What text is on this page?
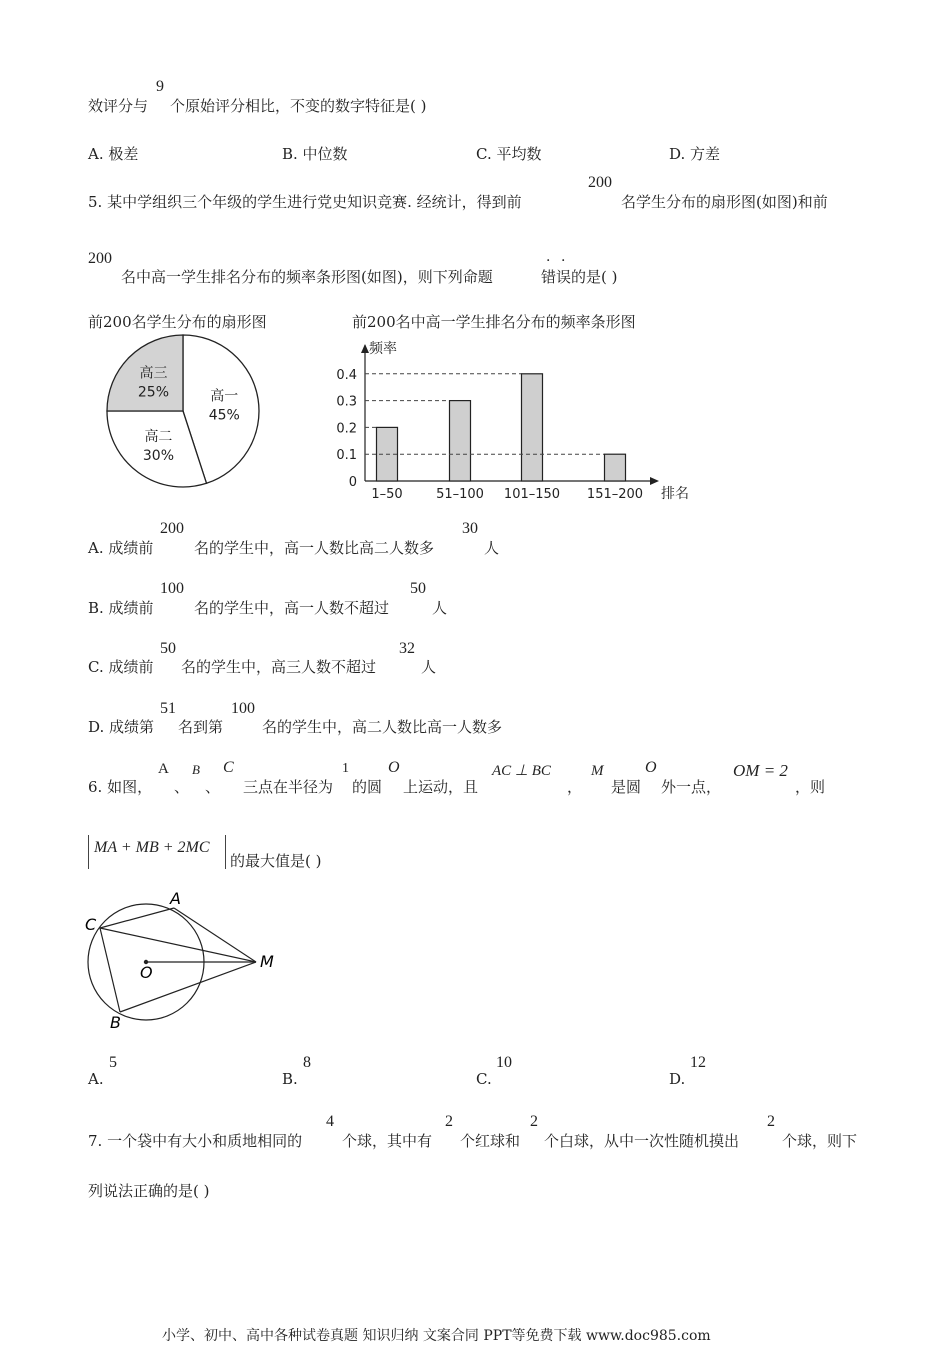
效评分与
9
个原始评分相比，不变的数字特征是( )
A. 极差	B. 中位数	C. 平均数	D. 方差
5. 某中学组织三个年级的学生进行党史知识竞赛. 经统计，得到前
200
名学生分布的扇形图(如图)和前
200
名中高一学生排名分布的频率条形图(如图)，则下列命题	错误
· ·
的是( )
前200名学生分布的扇形图
高一
45%
高二
30%
高三
25%
前200名中高一学生排名分布的频率条形图
频率
排名
0
0.1
0.2
0.3
0.4
1–50	51–100 101–150 151–200
A. 成绩前
200
名的学生中，高一人数比高二人数多
30
人
B. 成绩前
100
名的学生中，高一人数不超过
50
人
C. 成绩前
50
名的学生中，高三人数不超过
32
人
D. 成绩第
51
名到第
100
名的学生中，高二人数比高一人数多
6. 如图，
A
、
B
、
C
三点在半径为
1
的圆
O
上运动，且
AC ⊥ BC
，
M
是圆
O
外一点，
OM = 2
，则
MA + MB + 2MC
的最大值是( )
C
A
O
M
B
A.
5
B.
8
C.
10
D.
12
7. 一个袋中有大小和质地相同的
4
个球，其中有
2
个红球和
2
个白球，从中一次性随机摸出
2
个球，则下
列说法正确的是( )
小学、初中、高中各种试卷真题 知识归纳 文案合同 PPT等免费下载 www.doc985.com
